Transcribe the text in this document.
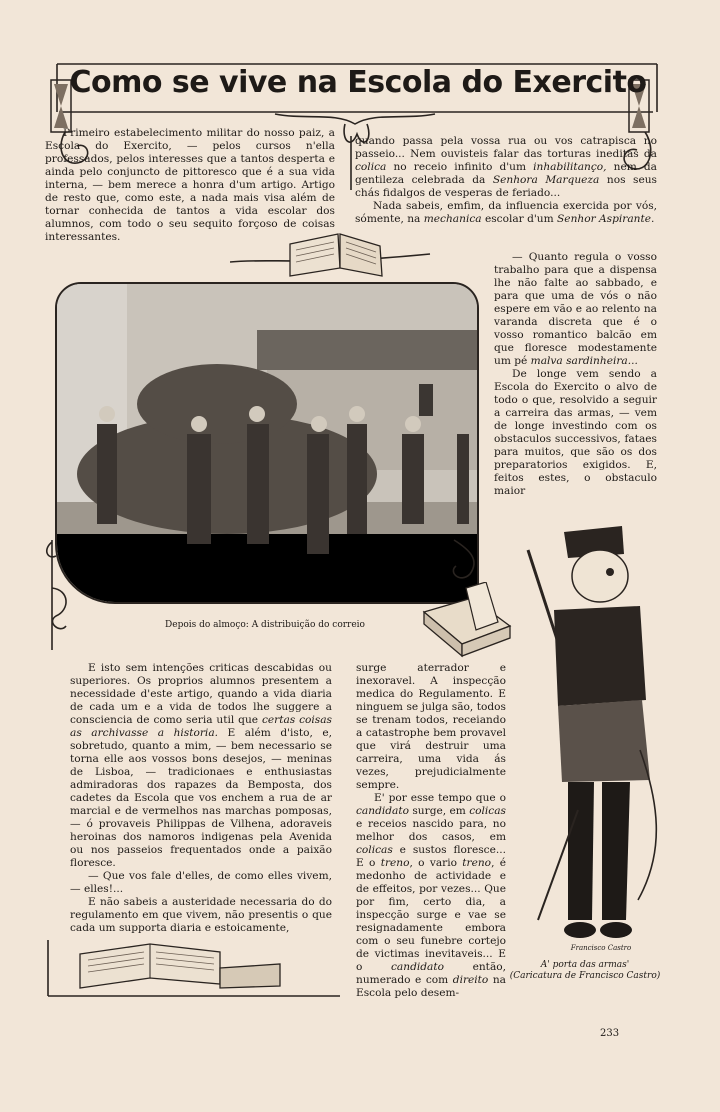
Como se vive na Escola do Exercito

Primeiro estabelecimento militar do nosso paiz, a Escola do Exercito, — pelos cursos n'ella professados, pelos interesses que a tantos desperta e ainda pelo conjuncto de pittoresco que é a sua vida interna, — bem merece a honra d'um artigo. Artigo de resto que, como este, a nada mais visa além de tornar conhecida de tantos a vida escolar dos alumnos, com todo o seu sequito forçoso de coisas interessantes.

quando passa pela vossa rua ou vos catrapisca no passeio... Nem ouvisteis falar das torturas ineditas da colica no receio infinito d'um inhabilitanço, nem da gentileza celebrada da Senhora Marqueza nos seus chás fidalgos de vesperas de feriado...

Nada sabeis, emfim, da influencia exercida por vós, sómente, na mechanica escolar d'um Senhor Aspirante.

— Quanto regula o vosso trabalho para que a dispensa lhe não falte ao sabbado, e para que uma de vós o não espere em vão e ao relento na varanda discreta que é o vosso romantico balcão em que floresce modestamente um pé malva sardinheira...

De longe vem sendo a Escola do Exercito o alvo de todo o que, resolvido a seguir a carreira das armas, — vem de longe investindo com os obstaculos successivos, fataes para muitos, que são os dos preparatorios exigidos. E, feitos estes, o obstaculo maior

Depois do almoço: A distribuição do correio

E isto sem intenções criticas descabidas ou superiores. Os proprios alumnos presentem a necessidade d'este artigo, quando a vida diaria de cada um e a vida de todos lhe suggere a consciencia de como seria util que certas coisas as archivasse a historia. E além d'isto, e, sobretudo, quanto a mim, — bem necessario se torna elle aos vossos bons desejos, — meninas de Lisboa, — tradicionaes e enthusiastas admiradoras dos rapazes da Bemposta, dos cadetes da Escola que vos enchem a rua de ar marcial e de vermelhos nas marchas pomposas, — ó provaveis Philippas de Vilhena, adoraveis heroinas dos namoros indigenas pela Avenida ou nos passeios frequentados onde a paixão floresce.

— Que vos fale d'elles, de como elles vivem, — elles!...

E não sabeis a austeridade necessaria do do regulamento em que vivem, não presentis o que cada um supporta diaria e estoicamente,

surge aterrador e inexoravel. A inspecção medica do Regulamento. E ninguem se julga são, todos se trenam todos, receiando a catastrophe bem provavel que virá destruir uma carreira, uma vida ás vezes, prejudicialmente sempre.

E' por esse tempo que o candidato surge, em colicas e receios nascido para, no melhor dos casos, em colicas e sustos floresce... E o treno, o vario treno, é medonho de actividade e de effeitos, por vezes... Que por fim, certo dia, a inspecção surge e vae se resignadamente embora com o seu funebre cortejo de victimas inevitaveis... E o candidato então, numerado e com direito na Escola pelo desem-

Francisco Castro
A' porta das armas'
(Caricatura de Francisco Castro)
233
